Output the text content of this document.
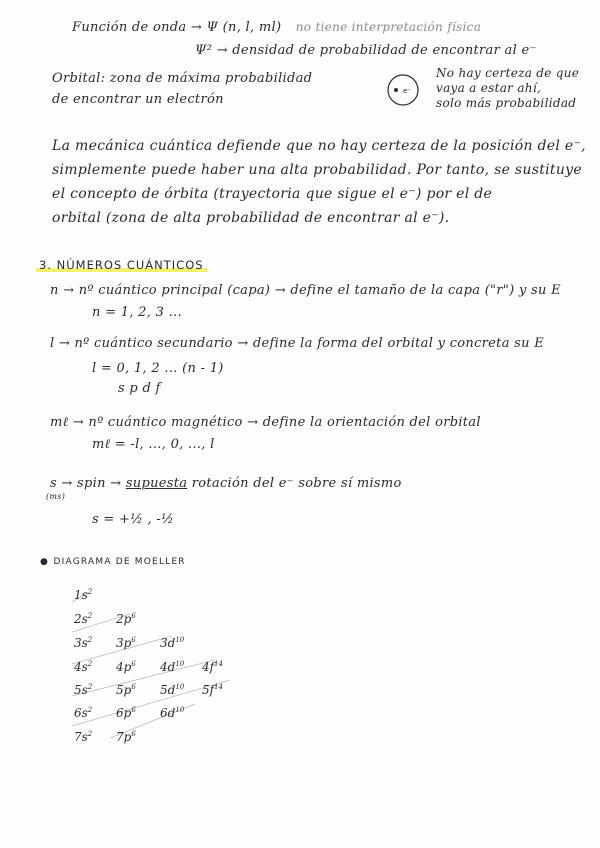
Función de onda → Ψ (n, l, ml) no tiene interpretación física
Ψ² → densidad de probabilidad de encontrar al e⁻
Orbital: zona de máxima probabilidad
de encontrar un electrón
e⁻
No hay certeza de que
vaya a estar ahí,
solo más probabilidad
La mecánica cuántica defiende que no hay certeza de la posición del e⁻,
simplemente puede haber una alta probabilidad. Por tanto, se sustituye
el concepto de órbita (trayectoria que sigue el e⁻) por el de
orbital (zona de alta probabilidad de encontrar al e⁻).
3. NÚMEROS CUÁNTICOS
n → nº cuántico principal (capa) → define el tamaño de la capa ("r") y su E
n = 1, 2, 3 ...
l → nº cuántico secundario → define la forma del orbital y concreta su E
l = 0, 1, 2 ... (n - 1)
s p d f
mℓ → nº cuántico magnético → define la orientación del orbital
mℓ = -l, ..., 0, ..., l
s → spin → supuesta rotación del e⁻ sobre sí mismo
(ms)
s = +½ , -½
● DIAGRAMA DE MOELLER
$1s^2$
$2s^2$ $2p^6$
$3s^2$ $3p^6$ $3d^{10}$
$4s^2$ $4p^6$ $4d^{10}$ $4f^{14}$
$5s^2$ $5p^6$ $5d^{10}$ $5f^{14}$
$6s^2$ $6p^6$ $6d^{10}$
$7s^2$ $7p^6$
